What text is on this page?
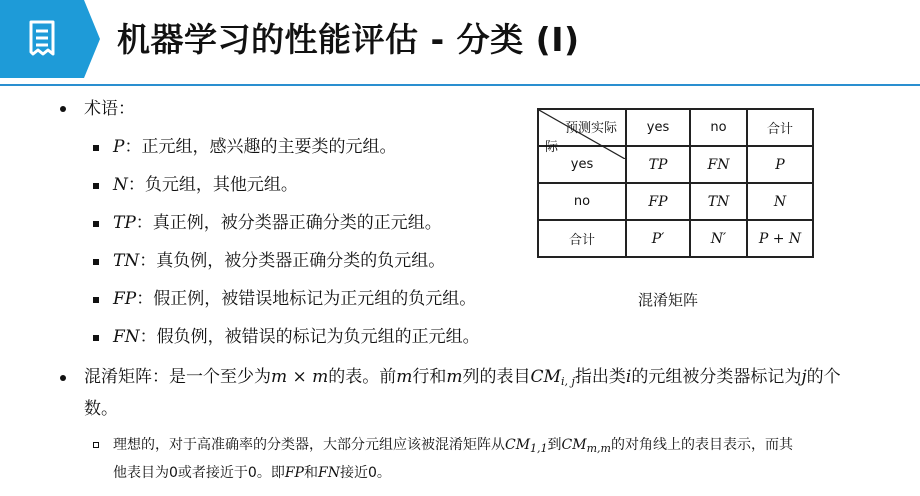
机器学习的性能评估 - 分类 (I)
术语：
P：正元组，感兴趣的主要类的元组。
N：负元组，其他元组。
TP：真正例，被分类器正确分类的正元组。
TN：真负例，被分类器正确分类的负元组。
FP：假正例，被错误地标记为正元组的负元组。
FN：假负例，被错误的标记为负元组的正元组。
混淆矩阵：是一个至少为m × m的表。前m行和m列的表目$CM_{i, j}$指出类i的元组被分类器标记为j的个
数。
理想的，对于高准确率的分类器，大部分元组应该被混淆矩阵从$CM_{1,1}$到$CM_{m,m}$的对角线上的表目表示，而其
他表目为0或者接近于0。即FP和FN接近0。
预测实际
际	yes	no	合计
yes	TP	FN	P
no	FP	TN	N
合计	P′	N′	P + N
混淆矩阵
